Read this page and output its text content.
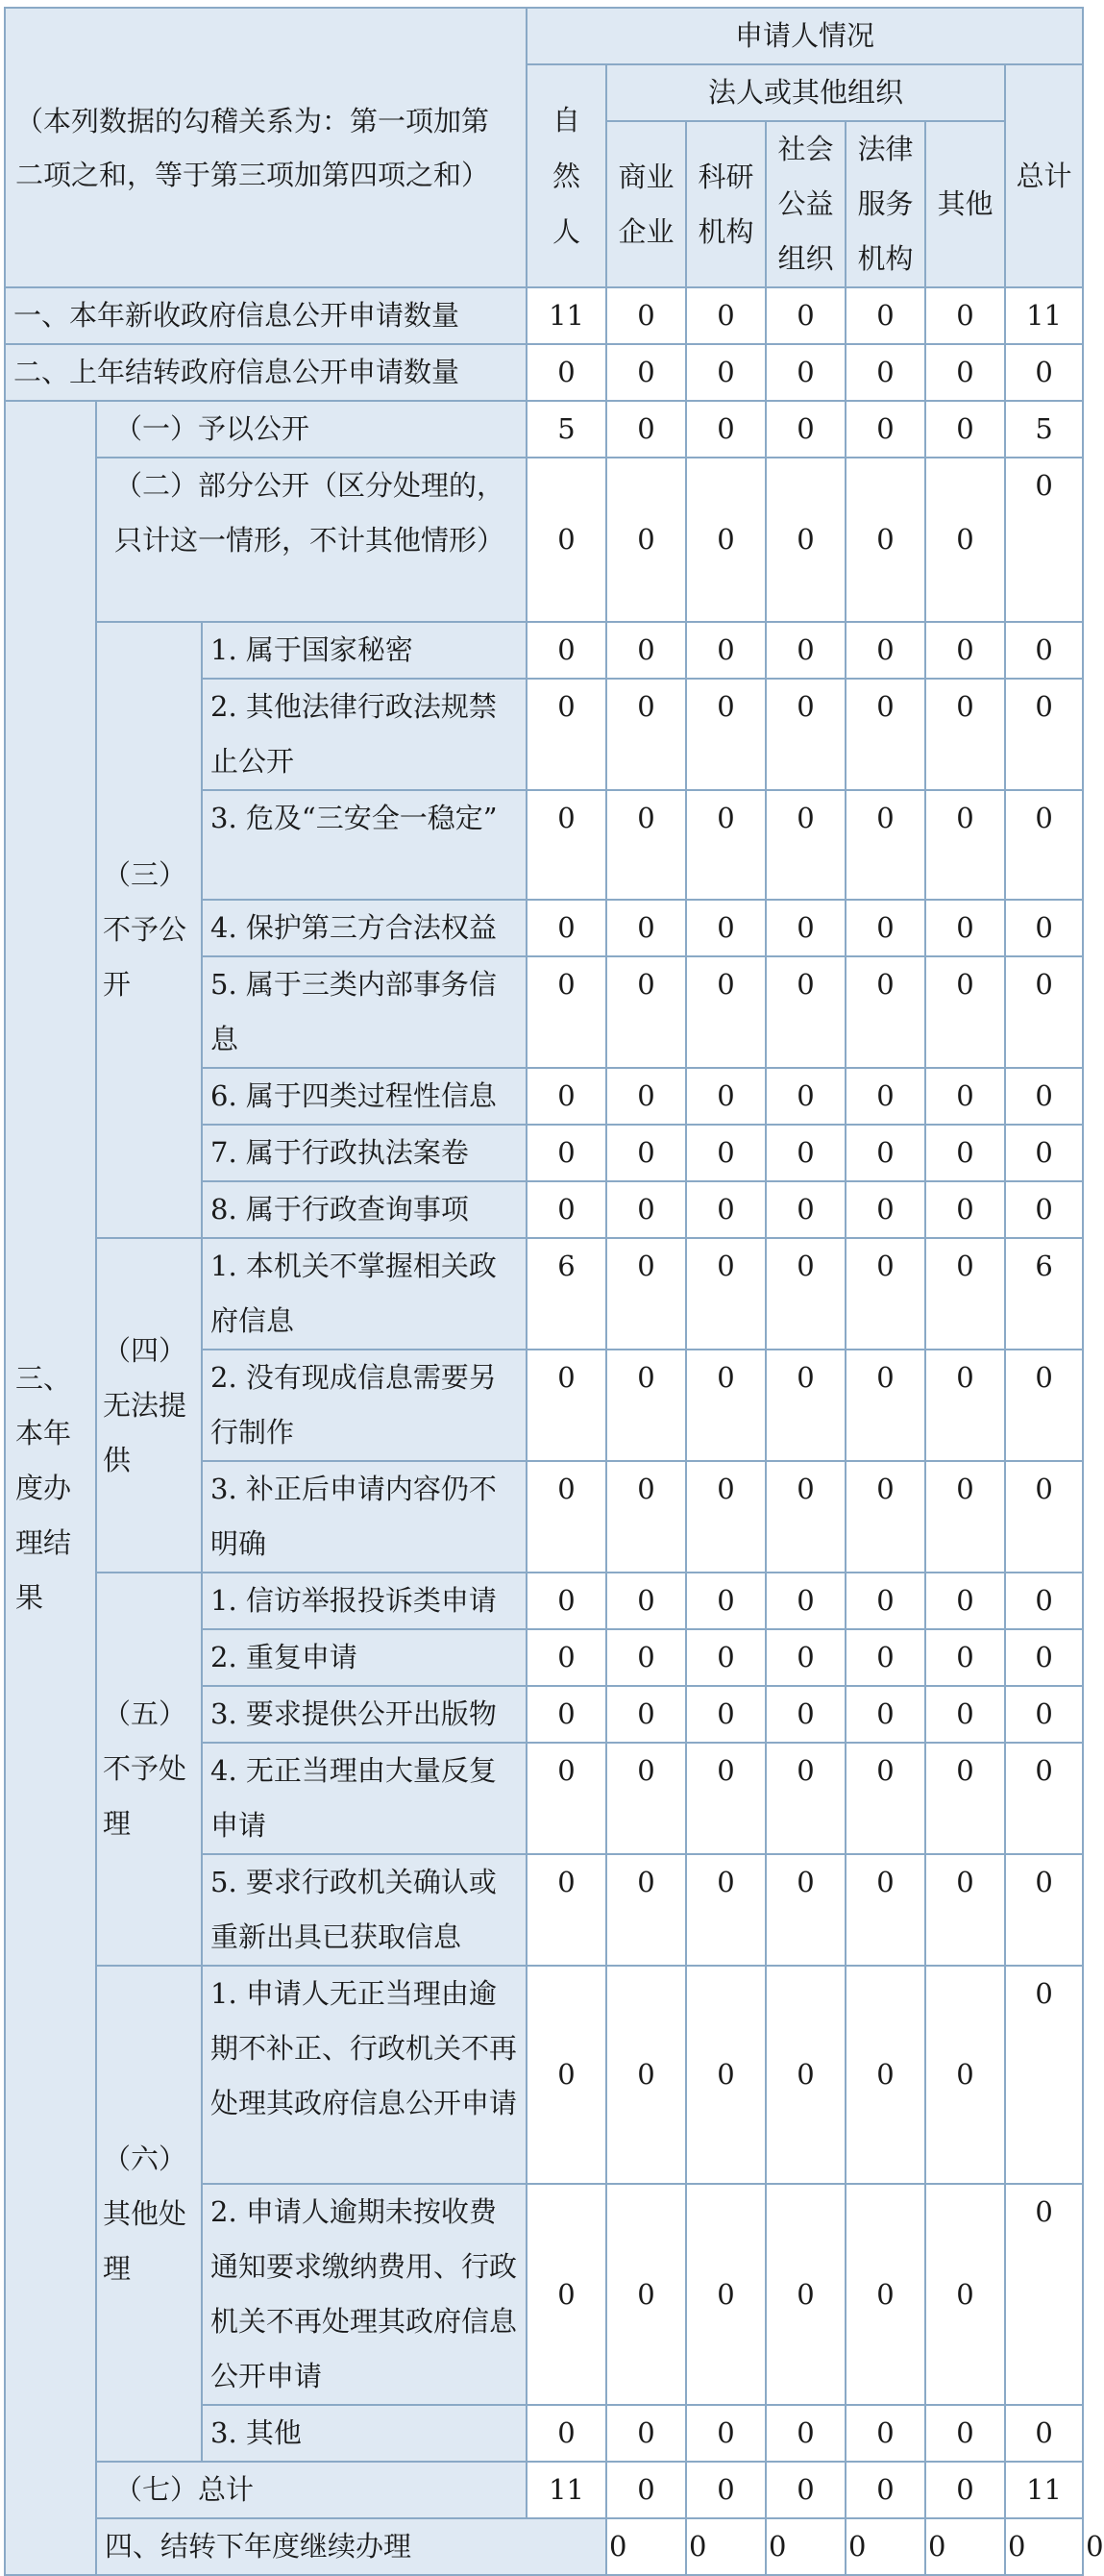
（本列数据的勾稽关系为：第一项加第二项之和，等于第三项加第四项之和）			申请人情况							
			自然人	法人或其他组织					总计	
				商业企业	科研机构	社会公益组织	法律服务机构	其他		
一、本年新收政府信息公开申请数量			11	0	0	0	0	0	11	
二、上年结转政府信息公开申请数量			0	0	0	0	0	0	0	
三、本年度办理结果	（一）予以公开		5	0	0	0	0	0	5	
	（二）部分公开（区分处理的，只计这一情形，不计其他情形）		0	0	0	0	0	0	0	
	（三）不予公开	1. 属于国家秘密	0	0	0	0	0	0	0	
		2. 其他法律行政法规禁止公开	0	0	0	0	0	0	0	
		3. 危及“三安全一稳定”	0	0	0	0	0	0	0	
		4. 保护第三方合法权益	0	0	0	0	0	0	0	
		5. 属于三类内部事务信息	0	0	0	0	0	0	0	
		6. 属于四类过程性信息	0	0	0	0	0	0	0	
		7. 属于行政执法案卷	0	0	0	0	0	0	0	
		8. 属于行政查询事项	0	0	0	0	0	0	0	
	（四）无法提供	1. 本机关不掌握相关政府信息	6	0	0	0	0	0	6	
		2. 没有现成信息需要另行制作	0	0	0	0	0	0	0	
		3. 补正后申请内容仍不明确	0	0	0	0	0	0	0	
	（五）不予处理	1. 信访举报投诉类申请	0	0	0	0	0	0	0	
		2. 重复申请	0	0	0	0	0	0	0	
		3. 要求提供公开出版物	0	0	0	0	0	0	0	
		4. 无正当理由大量反复申请	0	0	0	0	0	0	0	
		5. 要求行政机关确认或重新出具已获取信息	0	0	0	0	0	0	0	
	（六）其他处理	1. 申请人无正当理由逾期不补正、行政机关不再处理其政府信息公开申请	0	0	0	0	0	0	0	
		2. 申请人逾期未按收费通知要求缴纳费用、行政机关不再处理其政府信息公开申请	0	0	0	0	0	0	0	
		3. 其他	0	0	0	0	0	0	0	
	（七）总计		11	0	0	0	0	0	11	
	四、结转下年度继续办理			0	0	0	0	0	0	0
